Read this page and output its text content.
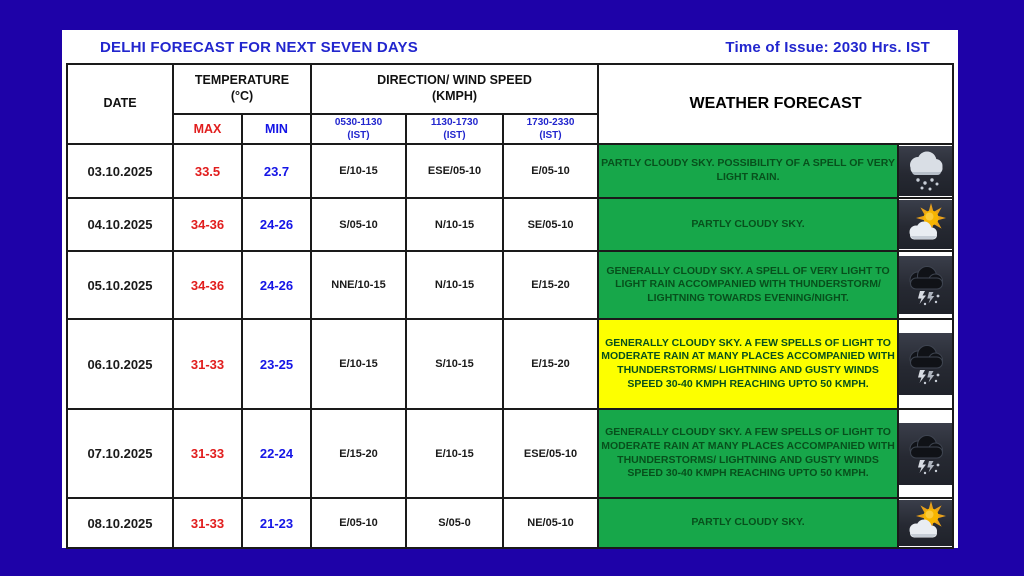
DELHI FORECAST FOR NEXT SEVEN DAYS	Time of Issue: 2030 Hrs. IST
DATE

TEMPERATURE
(°C)

DIRECTION/ WIND SPEED
(KMPH)	WEATHER FORECAST

	MAX	MIN	0530-1130
(IST)	1130-1730
(IST)	1730-2330
(IST)		

03.10.2025	33.5	23.7	E/10-15	ESE/05-10	E/05-10	PARTLY CLOUDY SKY. POSSIBILITY OF A SPELL OF VERY LIGHT RAIN.	

04.10.2025	34-36	24-26	S/05-10	N/10-15	SE/05-10	PARTLY CLOUDY SKY.	

05.10.2025	34-36	24-26	NNE/10-15	N/10-15	E/15-20	GENERALLY CLOUDY SKY. A SPELL OF VERY LIGHT TO LIGHT RAIN ACCOMPANIED WITH THUNDERSTORM/ LIGHTNING TOWARDS EVENING/NIGHT.	

06.10.2025	31-33	23-25	E/10-15	S/10-15	E/15-20	GENERALLY CLOUDY SKY. A FEW SPELLS OF LIGHT TO MODERATE RAIN AT MANY PLACES ACCOMPANIED WITH THUNDERSTORMS/ LIGHTNING AND GUSTY WINDS SPEED 30-40 KMPH REACHING UPTO 50 KMPH.	

07.10.2025	31-33	22-24	E/15-20	E/10-15	ESE/05-10	GENERALLY CLOUDY SKY. A FEW SPELLS OF LIGHT TO MODERATE RAIN AT MANY PLACES ACCOMPANIED WITH THUNDERSTORMS/ LIGHTNING AND GUSTY WINDS SPEED 30-40 KMPH REACHING UPTO 50 KMPH.	

08.10.2025	31-33	21-23	E/05-10	S/05-0	NE/05-10	PARTLY CLOUDY SKY.	
